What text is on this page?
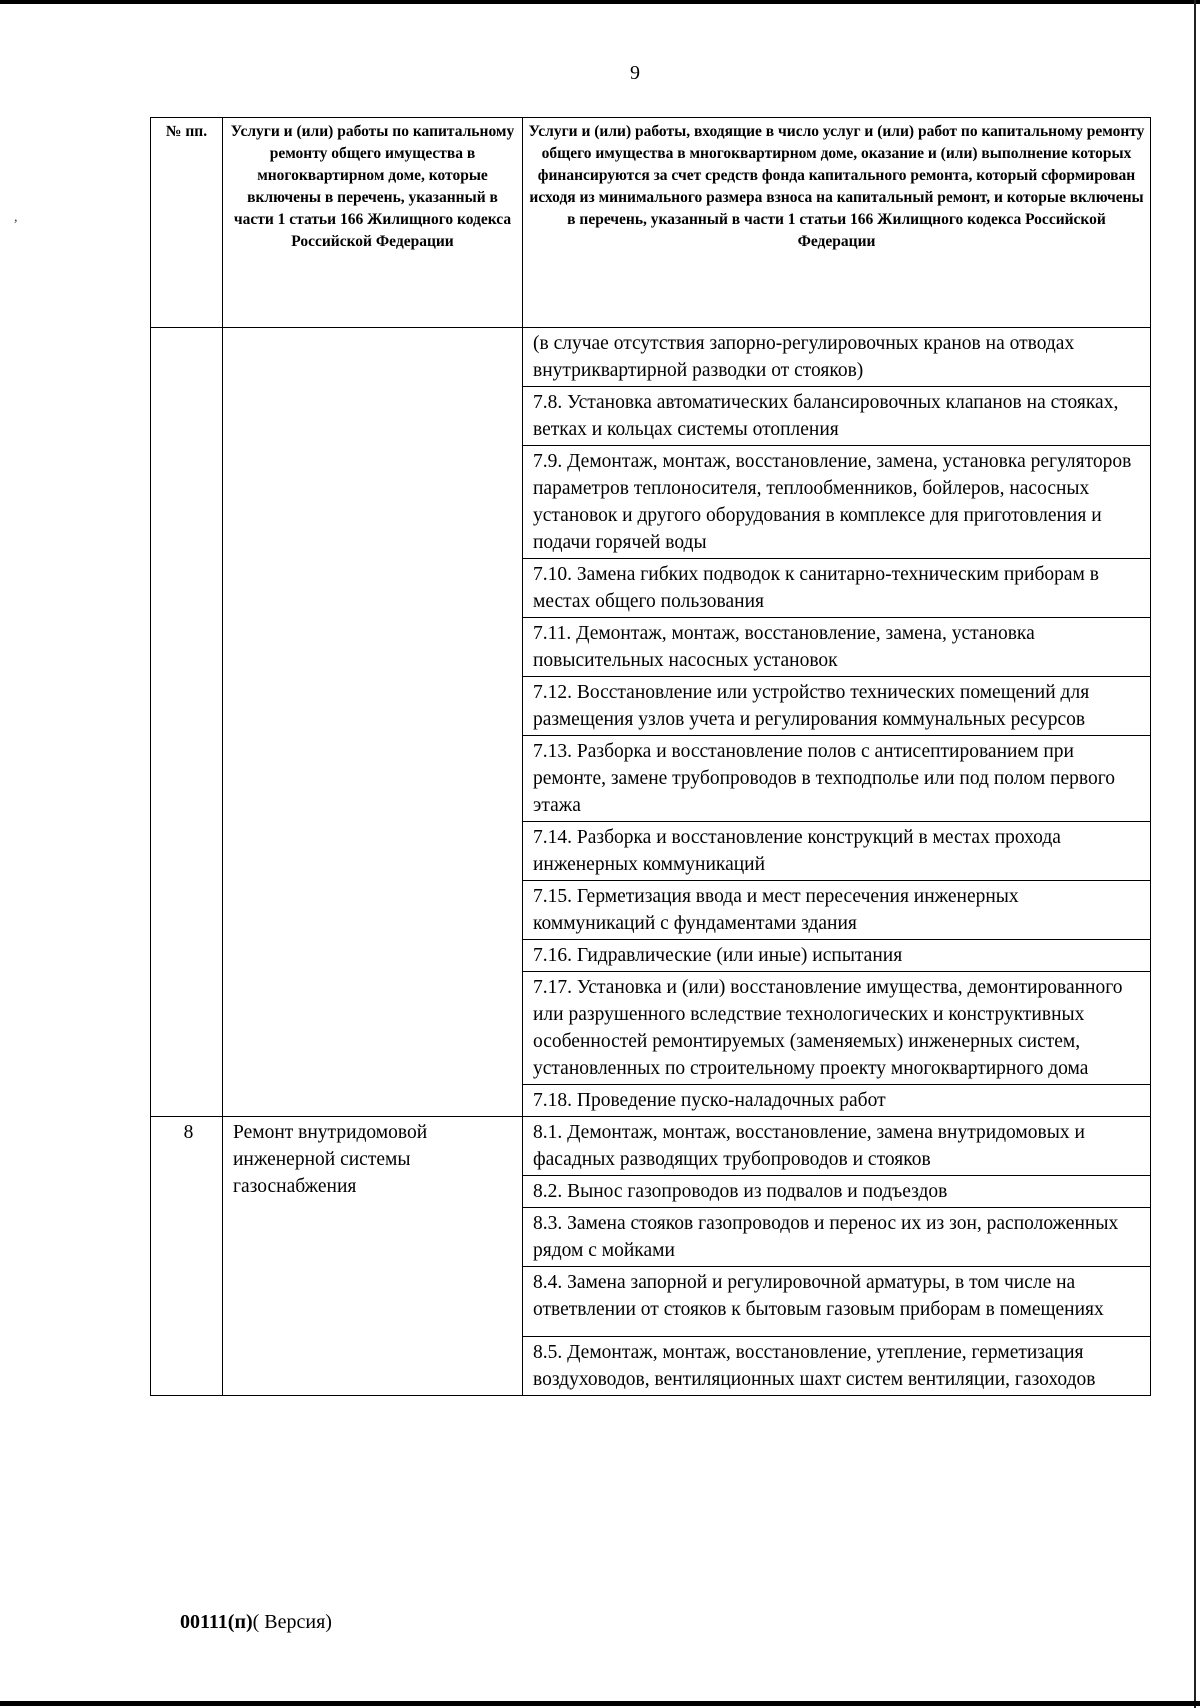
,
9
№ пп.	Услуги и (или) работы по капитальному ремонту общего имущества в многоквартирном доме, которые включены в перечень, указанный в части 1 статьи 166 Жилищного кодекса Российской Федерации	Услуги и (или) работы, входящие в число услуг и (или) работ по капитальному ремонту общего имущества в многоквартирном доме, оказание и (или) выполнение которых финансируются за счет средств фонда капитального ремонта, который сформирован исходя из минимального размера взноса на капитальный ремонт, и которые включены в перечень, указанный в части 1 статьи 166 Жилищного кодекса Российской Федерации
		(в случае отсутствия запорно-регулировочных кранов на отводах внутриквартирной разводки от стояков)
		7.8. Установка автоматических балансировочных клапанов на стояках, ветках и кольцах системы отопления
		7.9. Демонтаж, монтаж, восстановление, замена, установка регуляторов параметров теплоносителя, теплообменников, бойлеров, насосных установок и другого оборудования в комплексе для приготовления и подачи горячей воды
		7.10. Замена гибких подводок к санитарно-техническим приборам в местах общего пользования
		7.11. Демонтаж, монтаж, восстановление, замена, установка повысительных насосных установок
		7.12. Восстановление или устройство технических помещений для размещения узлов учета и регулирования коммунальных ресурсов
		7.13. Разборка и восстановление полов с антисептированием при ремонте, замене трубопроводов в техподполье или под полом первого этажа
		7.14. Разборка и восстановление конструкций в местах прохода инженерных коммуникаций
		7.15. Герметизация ввода и мест пересечения инженерных коммуникаций с фундаментами здания
		7.16. Гидравлические (или иные) испытания
		7.17. Установка и (или) восстановление имущества, демонтированного или разрушенного вследствие технологических и конструктивных особенностей ремонтируемых (заменяемых) инженерных систем, установленных по строительному проекту многоквартирного дома
		7.18. Проведение пуско-наладочных работ
8	Ремонт внутридомовой инженерной системы газоснабжения	8.1. Демонтаж, монтаж, восстановление, замена внутридомовых и фасадных разводящих трубопроводов и стояков
		8.2. Вынос газопроводов из подвалов и подъездов
		8.3. Замена стояков газопроводов и перенос их из зон, расположенных рядом с мойками
		8.4. Замена запорной и регулировочной арматуры, в том числе на ответвлении от стояков к бытовым газовым приборам в помещениях
		8.5. Демонтаж, монтаж, восстановление, утепление, герметизация воздуховодов, вентиляционных шахт систем вентиляции, газоходов
00111(п)( Версия)
